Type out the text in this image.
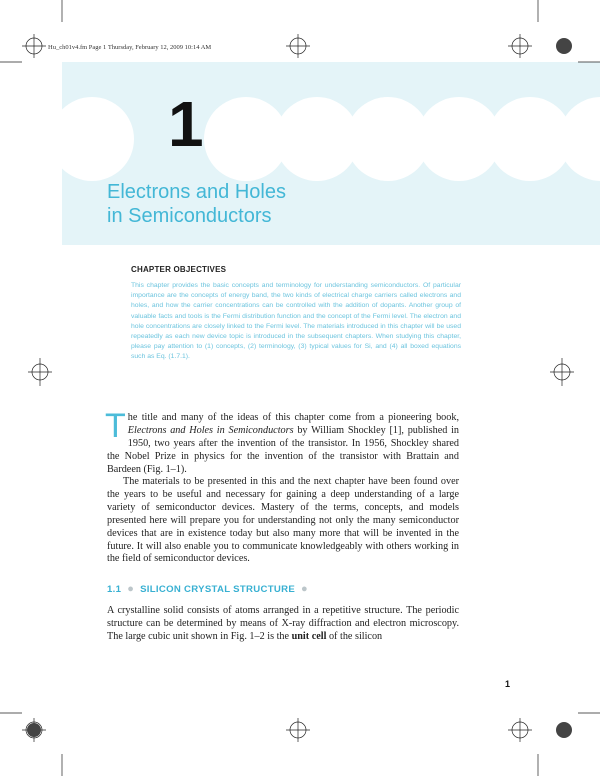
Hu_ch01v4.fm Page 1 Thursday, February 12, 2009 10:14 AM
1
Electrons and Holes
in Semiconductors
CHAPTER OBJECTIVES
This chapter provides the basic concepts and terminology for understanding semiconductors. Of particular importance are the concepts of energy band, the two kinds of electrical charge carriers called electrons and holes, and how the carrier concentrations can be controlled with the addition of dopants. Another group of valuable facts and tools is the Fermi distribution function and the concept of the Fermi level. The electron and hole concentrations are closely linked to the Fermi level. The materials introduced in this chapter will be used repeatedly as each new device topic is introduced in the subsequent chapters. When studying this chapter, please pay attention to (1) concepts, (2) terminology, (3) typical values for Si, and (4) all boxed equations such as Eq. (1.7.1).
The title and many of the ideas of this chapter come from a pioneering book, Electrons and Holes in Semiconductors by William Shockley [1], published in 1950, two years after the invention of the transistor. In 1956, Shockley shared the Nobel Prize in physics for the invention of the transistor with Brattain and Bardeen (Fig. 1–1).
The materials to be presented in this and the next chapter have been found over the years to be useful and necessary for gaining a deep understanding of a large variety of semiconductor devices. Mastery of the terms, concepts, and models presented here will prepare you for understanding not only the many semiconductor devices that are in existence today but also many more that will be invented in the future. It will also enable you to communicate knowledgeably with others working in the field of semiconductor devices.
1.1 ● SILICON CRYSTAL STRUCTURE ●
A crystalline solid consists of atoms arranged in a repetitive structure. The periodic structure can be determined by means of X-ray diffraction and electron microscopy. The large cubic unit shown in Fig. 1–2 is the unit cell of the silicon
1
